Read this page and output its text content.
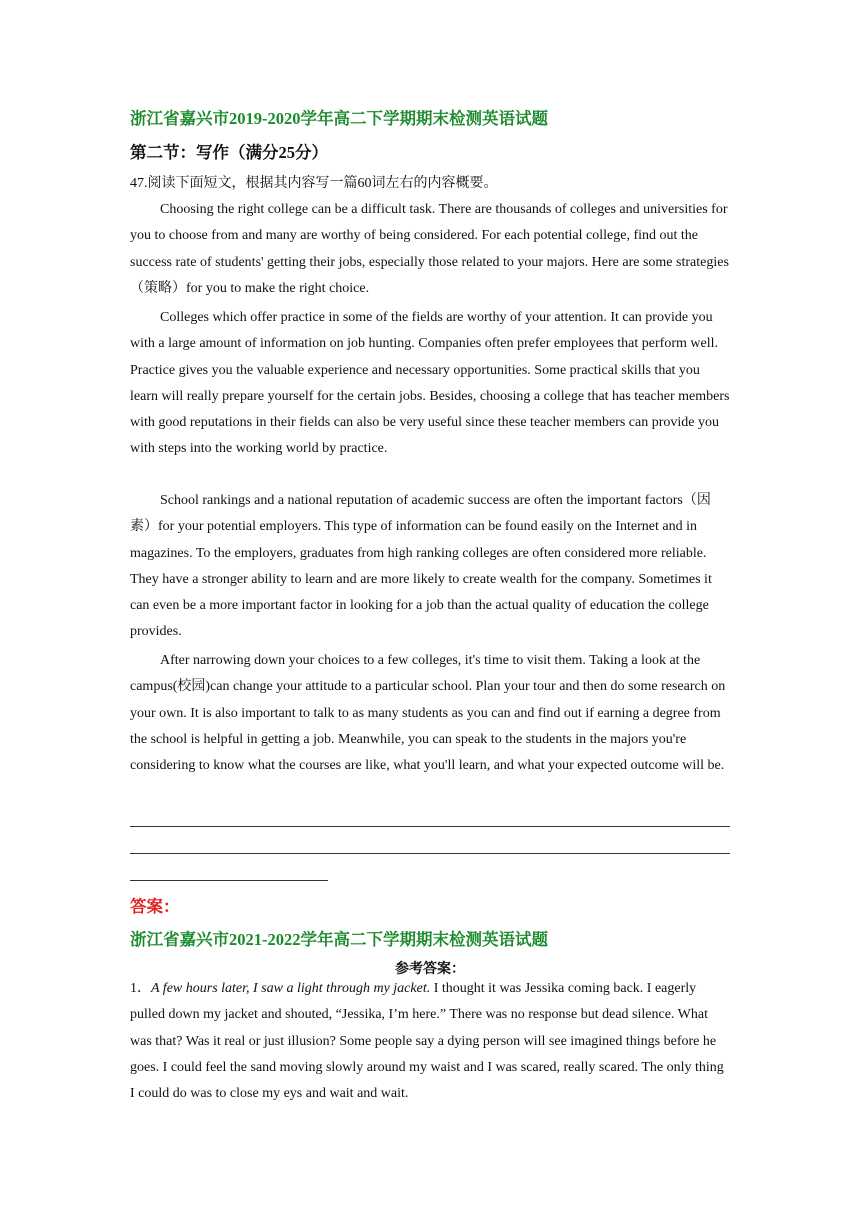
浙江省嘉兴市2019-2020学年高二下学期期末检测英语试题
第二节：写作（满分25分）
47.阅读下面短文，根据其内容写一篇60词左右的内容概要。
Choosing the right college can be a difficult task. There are thousands of colleges and universities for you to choose from and many are worthy of being considered. For each potential college, find out the success rate of students' getting their jobs, especially those related to your majors. Here are some strategies（策略）for you to make the right choice.
Colleges which offer practice in some of the fields are worthy of your attention. It can provide you with a large amount of information on job hunting. Companies often prefer employees that perform well. Practice gives you the valuable experience and necessary opportunities. Some practical skills that you learn will really prepare yourself for the certain jobs. Besides, choosing a college that has teacher members with good reputations in their fields can also be very useful since these teacher members can provide you with steps into the working world by practice.
School rankings and a national reputation of academic success are often the important factors（因素）for your potential employers. This type of information can be found easily on the Internet and in magazines. To the employers, graduates from high ranking colleges are often considered more reliable. They have a stronger ability to learn and are more likely to create wealth for the company. Sometimes it can even be a more important factor in looking for a job than the actual quality of education the college provides.
After narrowing down your choices to a few colleges, it's time to visit them. Taking a look at the campus(校园)can change your attitude to a particular school. Plan your tour and then do some research on your own. It is also important to talk to as many students as you can and find out if earning a degree from the school is helpful in getting a job. Meanwhile, you can speak to the students in the majors you're considering to know what the courses are like, what you'll learn, and what your expected outcome will be.
答案：
浙江省嘉兴市2021-2022学年高二下学期期末检测英语试题
参考答案：
1．A few hours later, I saw a light through my jacket. I thought it was Jessika coming back. I eagerly pulled down my jacket and shouted, “Jessika, I’m here.” There was no response but dead silence. What was that? Was it real or just illusion? Some people say a dying person will see imagined things before he goes. I could feel the sand moving slowly around my waist and I was scared, really scared. The only thing I could do was to close my eys and wait and wait.
